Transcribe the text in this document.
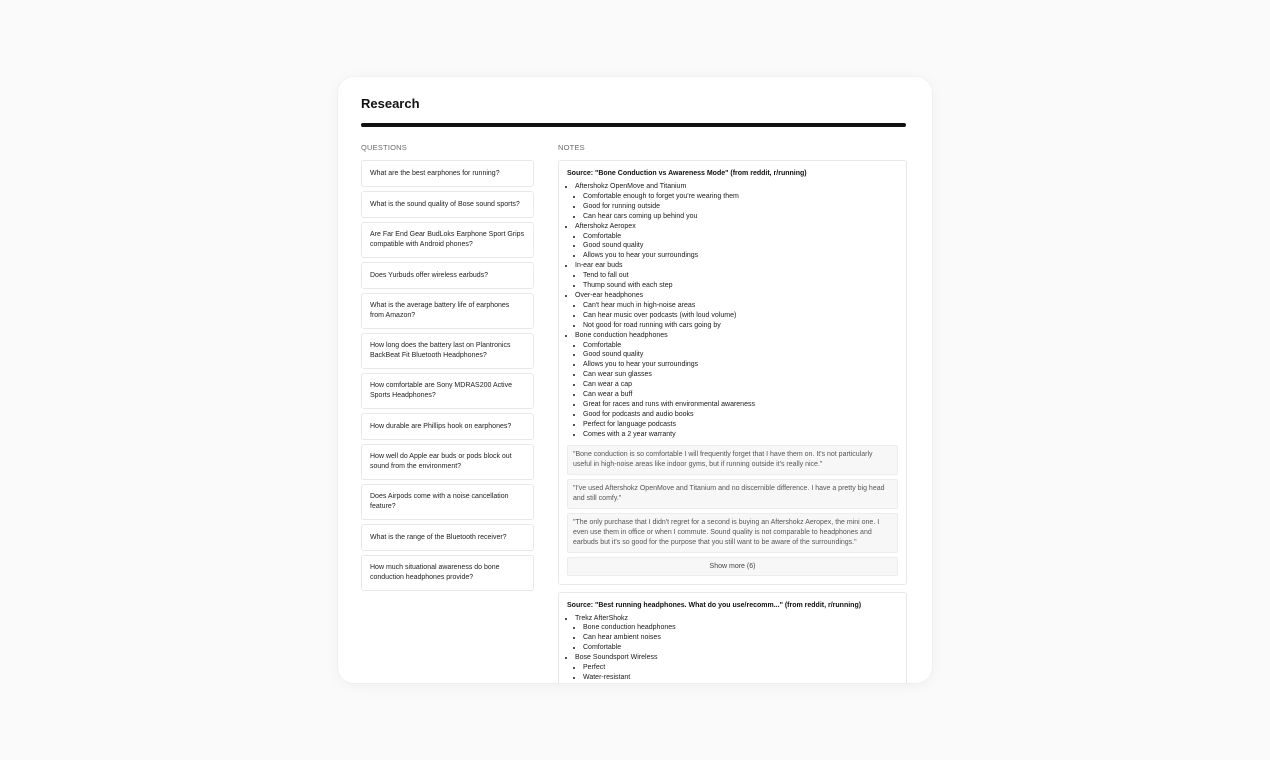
Research
QUESTIONS	NOTES
What are the best earphones for running?
What is the sound quality of Bose sound sports?
Are Far End Gear BudLoks Earphone Sport Grips compatible with Android phones?
Does Yurbuds offer wireless earbuds?
What is the average battery life of earphones from Amazon?
How long does the battery last on Plantronics BackBeat Fit Bluetooth Headphones?
How comfortable are Sony MDRAS200 Active Sports Headphones?
How durable are Phillips hook on earphones?
How well do Apple ear buds or pods block out sound from the environment?
Does Airpods come with a noise cancellation feature?
What is the range of the Bluetooth receiver?
How much situational awareness do bone conduction headphones provide?
Source: "Bone Conduction vs Awareness Mode" (from reddit, r/running)
• Aftershokz OpenMove and Titanium
• Comfortable enough to forget you're wearing them
• Good for running outside
• Can hear cars coming up behind you
• Aftershokz Aeropex
• Comfortable
• Good sound quality
• Allows you to hear your surroundings
• In-ear ear buds
• Tend to fall out
• Thump sound with each step
• Over-ear headphones
• Can't hear much in high-noise areas
• Can hear music over podcasts (with loud volume)
• Not good for road running with cars going by
• Bone conduction headphones
• Comfortable
• Good sound quality
• Allows you to hear your surroundings
• Can wear sun glasses
• Can wear a cap
• Can wear a buff
• Great for races and runs with environmental awareness
• Good for podcasts and audio books
• Perfect for language podcasts
• Comes with a 2 year warranty
"Bone conduction is so comfortable I will frequently forget that I have them on. It's not particularly useful in high-noise areas like indoor gyms, but if running outside it's really nice."
"I've used Aftershokz OpenMove and Titanium and no discernible difference. I have a pretty big head and still comfy."
"The only purchase that I didn't regret for a second is buying an Aftershokz Aeropex, the mini one. I even use them in office or when I commute. Sound quality is not comparable to headphones and earbuds but it's so good for the purpose that you still want to be aware of the surroundings."
Show more (6)
Source: "Best running headphones. What do you use/recomm..." (from reddit, r/running)
• Trekz AfterShokz
• Bone conduction headphones
• Can hear ambient noises
• Comfortable
• Bose Soundsport Wireless
• Perfect
• Water-resistant
